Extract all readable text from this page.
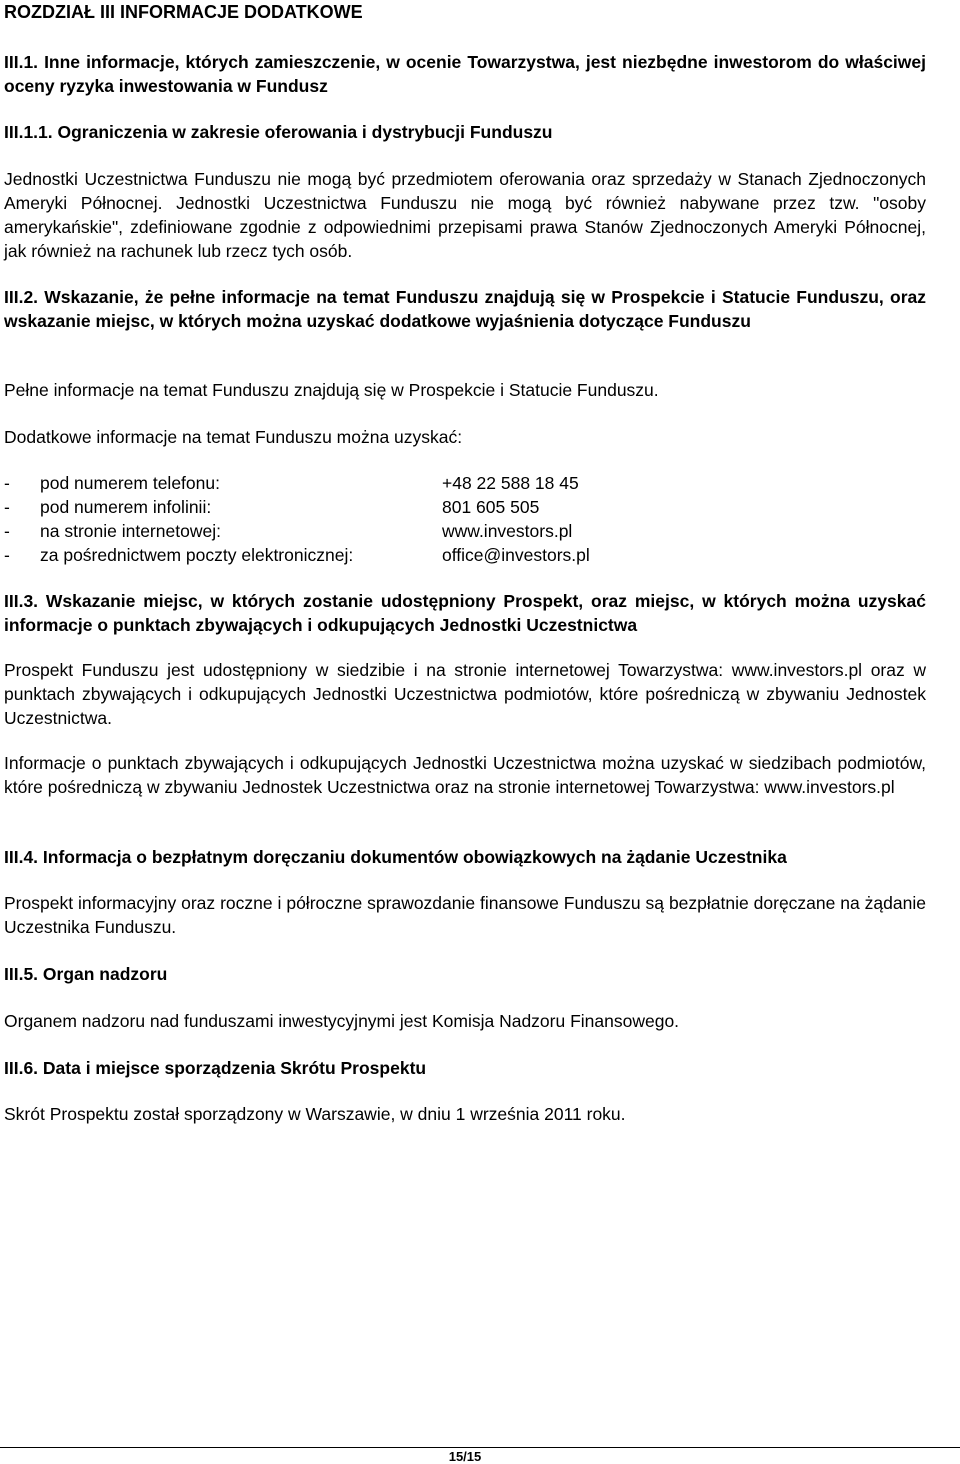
ROZDZIAŁ III INFORMACJE DODATKOWE
III.1. Inne informacje, których zamieszczenie, w ocenie Towarzystwa, jest niezbędne inwestorom do właściwej oceny ryzyka inwestowania w Fundusz
III.1.1. Ograniczenia w zakresie oferowania i dystrybucji Funduszu
Jednostki Uczestnictwa Funduszu nie mogą być przedmiotem oferowania oraz sprzedaży w Stanach Zjednoczonych Ameryki Północnej. Jednostki Uczestnictwa Funduszu nie mogą być również nabywane przez tzw. "osoby amerykańskie", zdefiniowane zgodnie z odpowiednimi przepisami prawa Stanów Zjednoczonych Ameryki Północnej, jak również na rachunek lub rzecz tych osób.
III.2. Wskazanie, że pełne informacje na temat Funduszu znajdują się w Prospekcie i Statucie Funduszu, oraz wskazanie miejsc, w których można uzyskać dodatkowe wyjaśnienia dotyczące Funduszu
Pełne informacje na temat Funduszu znajdują się w Prospekcie i Statucie Funduszu.
Dodatkowe informacje na temat Funduszu można uzyskać:
-	pod numerem telefonu:	+48 22 588 18 45
-	pod numerem infolinii:	801 605 505
-	na stronie internetowej:	www.investors.pl
-	za pośrednictwem poczty elektronicznej:	office@investors.pl
III.3. Wskazanie miejsc, w których zostanie udostępniony Prospekt, oraz miejsc, w których można uzyskać informacje o punktach zbywających i odkupujących Jednostki Uczestnictwa
Prospekt Funduszu jest udostępniony w siedzibie i na stronie internetowej Towarzystwa: www.investors.pl oraz w punktach zbywających i odkupujących Jednostki Uczestnictwa podmiotów, które pośredniczą w zbywaniu Jednostek Uczestnictwa.
Informacje o punktach zbywających i odkupujących Jednostki Uczestnictwa można uzyskać w siedzibach podmiotów, które pośredniczą w zbywaniu Jednostek Uczestnictwa oraz na stronie internetowej Towarzystwa: www.investors.pl
III.4. Informacja o bezpłatnym doręczaniu dokumentów obowiązkowych na żądanie Uczestnika
Prospekt informacyjny oraz roczne i półroczne sprawozdanie finansowe Funduszu są bezpłatnie doręczane na żądanie Uczestnika Funduszu.
III.5. Organ nadzoru
Organem nadzoru nad funduszami inwestycyjnymi jest Komisja Nadzoru Finansowego.
III.6. Data i miejsce sporządzenia Skrótu Prospektu
Skrót Prospektu został sporządzony w Warszawie, w dniu 1 września 2011 roku.
15/15
